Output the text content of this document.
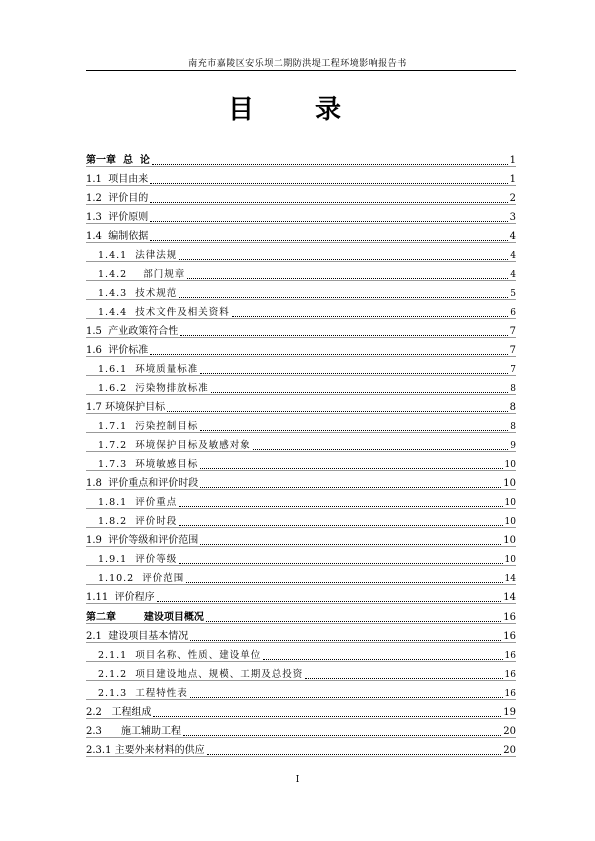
南充市嘉陵区安乐坝二期防洪堤工程环境影响报告书
目 录
第一章  总  论	1
1.1  项目由来	1
1.2  评价目的	2
1.3  评价原则	3
1.4  编制依据	4
1.4.1  法律法规	4
1.4.2    部门规章	4
1.4.3  技术规范	5
1.4.4  技术文件及相关资料	6
1.5  产业政策符合性	7
1.6  评价标准	7
1.6.1  环境质量标准	7
1.6.2  污染物排放标准	8
1.7 环境保护目标	8
1.7.1  污染控制目标	8
1.7.2  环境保护目标及敏感对象	9
1.7.3  环境敏感目标	10
1.8  评价重点和评价时段	10
1.8.1  评价重点	10
1.8.2  评价时段	10
1.9  评价等级和评价范围	10
1.9.1  评价等级	10
1.10.2  评价范围	14
1.11  评价程序	14
第二章        建设项目概况	16
2.1  建设项目基本情况	16
2.1.1  项目名称、性质、建设单位	16
2.1.2  项目建设地点、规模、工期及总投资	16
2.1.3  工程特性表	16
2.2   工程组成	19
2.3      施工辅助工程	20
2.3.1 主要外来材料的供应	20
I
